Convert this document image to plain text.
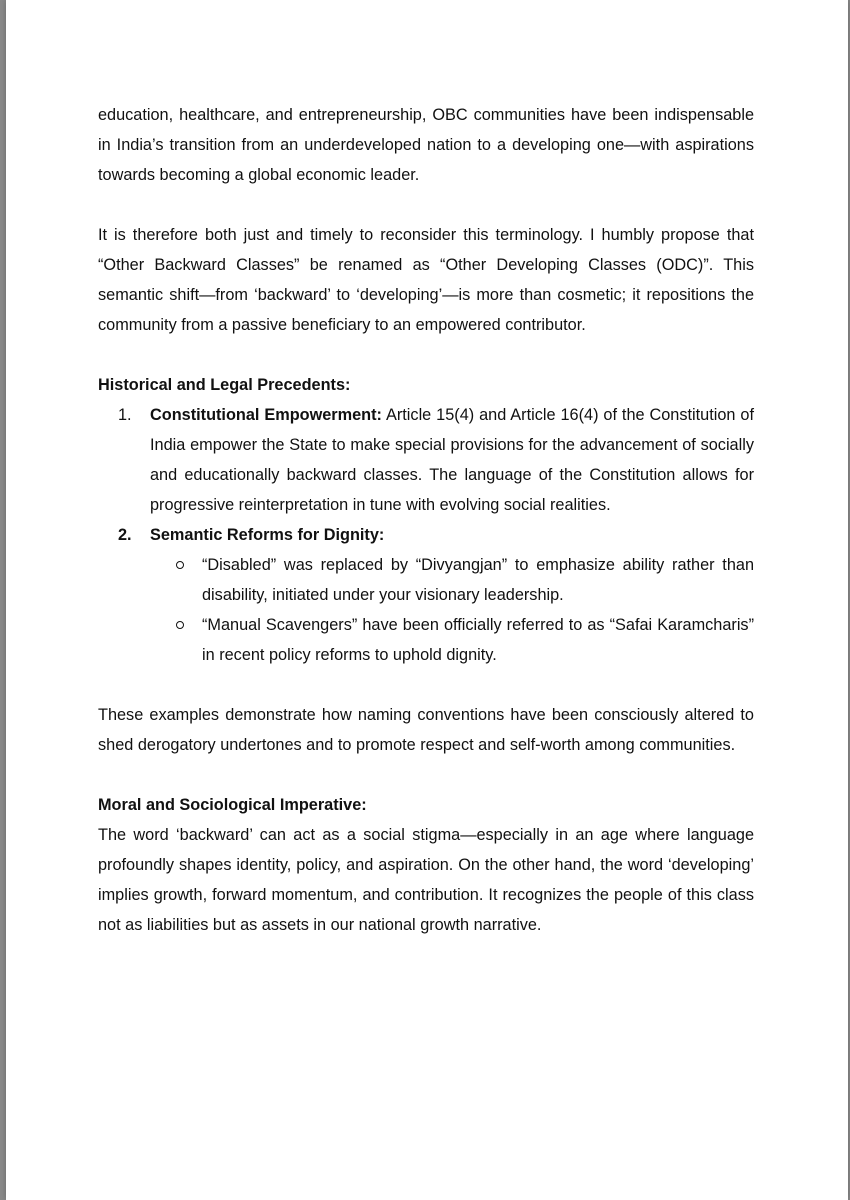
education, healthcare, and entrepreneurship, OBC communities have been indispensable in India’s transition from an underdeveloped nation to a developing one—with aspirations towards becoming a global economic leader.

It is therefore both just and timely to reconsider this terminology. I humbly propose that “Other Backward Classes” be renamed as “Other Developing Classes (ODC)”. This semantic shift—from ‘backward’ to ‘developing’—is more than cosmetic; it repositions the community from a passive beneficiary to an empowered contributor.

Historical and Legal Precedents:

1. Constitutional Empowerment: Article 15(4) and Article 16(4) of the Constitution of India empower the State to make special provisions for the advancement of socially and educationally backward classes. The language of the Constitution allows for progressive reinterpretation in tune with evolving social realities.

2. Semantic Reforms for Dignity:

“Disabled” was replaced by “Divyangjan” to emphasize ability rather than disability, initiated under your visionary leadership.

“Manual Scavengers” have been officially referred to as “Safai Karamcharis” in recent policy reforms to uphold dignity.

These examples demonstrate how naming conventions have been consciously altered to shed derogatory undertones and to promote respect and self-worth among communities.

Moral and Sociological Imperative:

The word ‘backward’ can act as a social stigma—especially in an age where language profoundly shapes identity, policy, and aspiration. On the other hand, the word ‘developing’ implies growth, forward momentum, and contribution. It recognizes the people of this class not as liabilities but as assets in our national growth narrative.
